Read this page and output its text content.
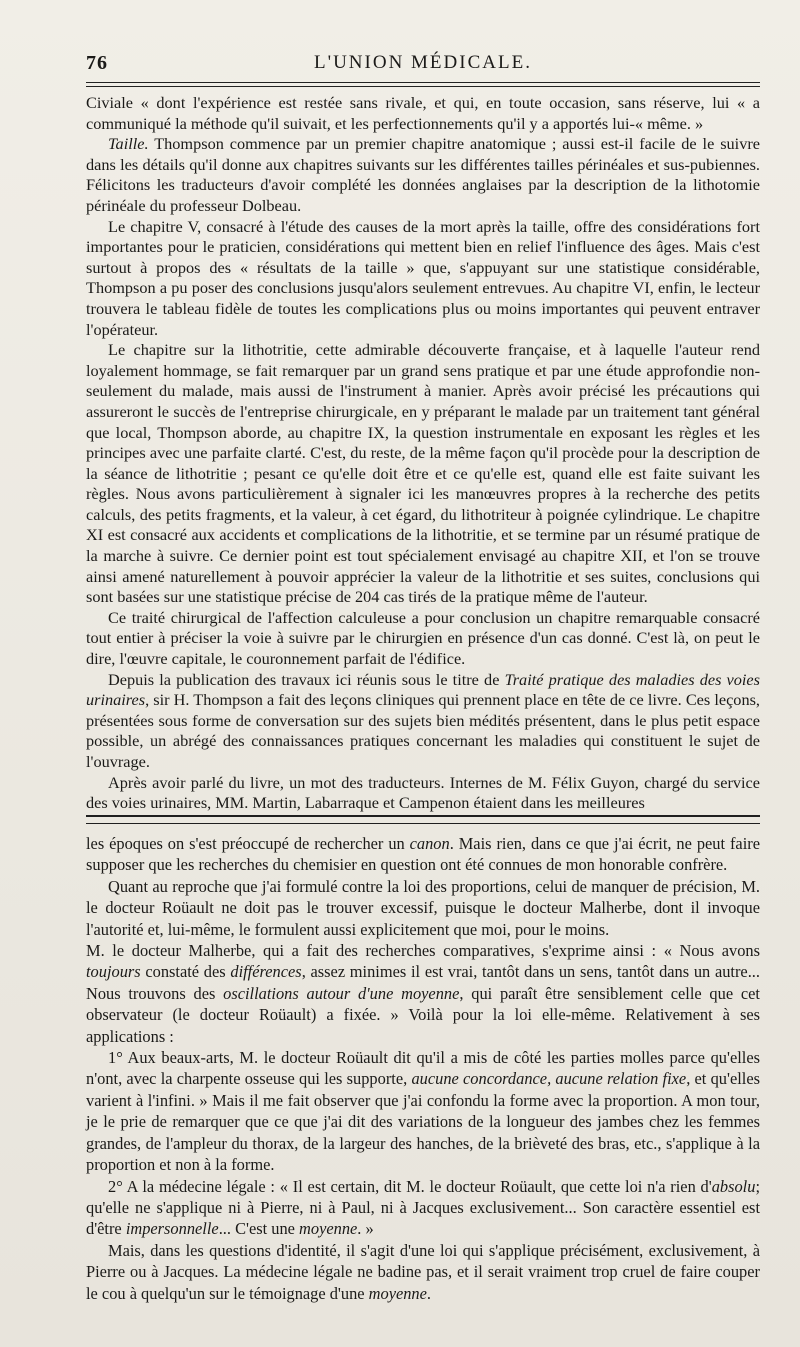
76	L'UNION MÉDICALE.

Civiale « dont l'expérience est restée sans rivale, et qui, en toute occasion, sans réserve, lui « a communiqué la méthode qu'il suivait, et les perfectionnements qu'il y a apportés lui-« même. »

Taille. Thompson commence par un premier chapitre anatomique ; aussi est-il facile de le suivre dans les détails qu'il donne aux chapitres suivants sur les différentes tailles périnéales et sus-pubiennes. Félicitons les traducteurs d'avoir complété les données anglaises par la description de la lithotomie périnéale du professeur Dolbeau.

Le chapitre V, consacré à l'étude des causes de la mort après la taille, offre des considérations fort importantes pour le praticien, considérations qui mettent bien en relief l'influence des âges. Mais c'est surtout à propos des « résultats de la taille » que, s'appuyant sur une statistique considérable, Thompson a pu poser des conclusions jusqu'alors seulement entrevues. Au chapitre VI, enfin, le lecteur trouvera le tableau fidèle de toutes les complications plus ou moins importantes qui peuvent entraver l'opérateur.

Le chapitre sur la lithotritie, cette admirable découverte française, et à laquelle l'auteur rend loyalement hommage, se fait remarquer par un grand sens pratique et par une étude approfondie non-seulement du malade, mais aussi de l'instrument à manier. Après avoir précisé les précautions qui assureront le succès de l'entreprise chirurgicale, en y préparant le malade par un traitement tant général que local, Thompson aborde, au chapitre IX, la question instrumentale en exposant les règles et les principes avec une parfaite clarté. C'est, du reste, de la même façon qu'il procède pour la description de la séance de lithotritie ; pesant ce qu'elle doit être et ce qu'elle est, quand elle est faite suivant les règles. Nous avons particulièrement à signaler ici les manœuvres propres à la recherche des petits calculs, des petits fragments, et la valeur, à cet égard, du lithotriteur à poignée cylindrique. Le chapitre XI est consacré aux accidents et complications de la lithotritie, et se termine par un résumé pratique de la marche à suivre. Ce dernier point est tout spécialement envisagé au chapitre XII, et l'on se trouve ainsi amené naturellement à pouvoir apprécier la valeur de la lithotritie et ses suites, conclusions qui sont basées sur une statistique précise de 204 cas tirés de la pratique même de l'auteur.

Ce traité chirurgical de l'affection calculeuse a pour conclusion un chapitre remarquable consacré tout entier à préciser la voie à suivre par le chirurgien en présence d'un cas donné. C'est là, on peut le dire, l'œuvre capitale, le couronnement parfait de l'édifice.

Depuis la publication des travaux ici réunis sous le titre de Traité pratique des maladies des voies urinaires, sir H. Thompson a fait des leçons cliniques qui prennent place en tête de ce livre. Ces leçons, présentées sous forme de conversation sur des sujets bien médités présentent, dans le plus petit espace possible, un abrégé des connaissances pratiques concernant les maladies qui constituent le sujet de l'ouvrage.

Après avoir parlé du livre, un mot des traducteurs. Internes de M. Félix Guyon, chargé du service des voies urinaires, MM. Martin, Labarraque et Campenon étaient dans les meilleures

les époques on s'est préoccupé de rechercher un canon. Mais rien, dans ce que j'ai écrit, ne peut faire supposer que les recherches du chemisier en question ont été connues de mon honorable confrère.

Quant au reproche que j'ai formulé contre la loi des proportions, celui de manquer de précision, M. le docteur Roüault ne doit pas le trouver excessif, puisque le docteur Malherbe, dont il invoque l'autorité et, lui-même, le formulent aussi explicitement que moi, pour le moins.

M. le docteur Malherbe, qui a fait des recherches comparatives, s'exprime ainsi : « Nous avons toujours constaté des différences, assez minimes il est vrai, tantôt dans un sens, tantôt dans un autre... Nous trouvons des oscillations autour d'une moyenne, qui paraît être sensiblement celle que cet observateur (le docteur Roüault) a fixée. » Voilà pour la loi elle-même. Relativement à ses applications :

1° Aux beaux-arts, M. le docteur Roüault dit qu'il a mis de côté les parties molles parce qu'elles n'ont, avec la charpente osseuse qui les supporte, aucune concordance, aucune relation fixe, et qu'elles varient à l'infini. » Mais il me fait observer que j'ai confondu la forme avec la proportion. A mon tour, je le prie de remarquer que ce que j'ai dit des variations de la longueur des jambes chez les femmes grandes, de l'ampleur du thorax, de la largeur des hanches, de la brièveté des bras, etc., s'applique à la proportion et non à la forme.

2° A la médecine légale : « Il est certain, dit M. le docteur Roüault, que cette loi n'a rien d'absolu; qu'elle ne s'applique ni à Pierre, ni à Paul, ni à Jacques exclusivement... Son caractère essentiel est d'être impersonnelle... C'est une moyenne. »

Mais, dans les questions d'identité, il s'agit d'une loi qui s'applique précisément, exclusivement, à Pierre ou à Jacques. La médecine légale ne badine pas, et il serait vraiment trop cruel de faire couper le cou à quelqu'un sur le témoignage d'une moyenne.
